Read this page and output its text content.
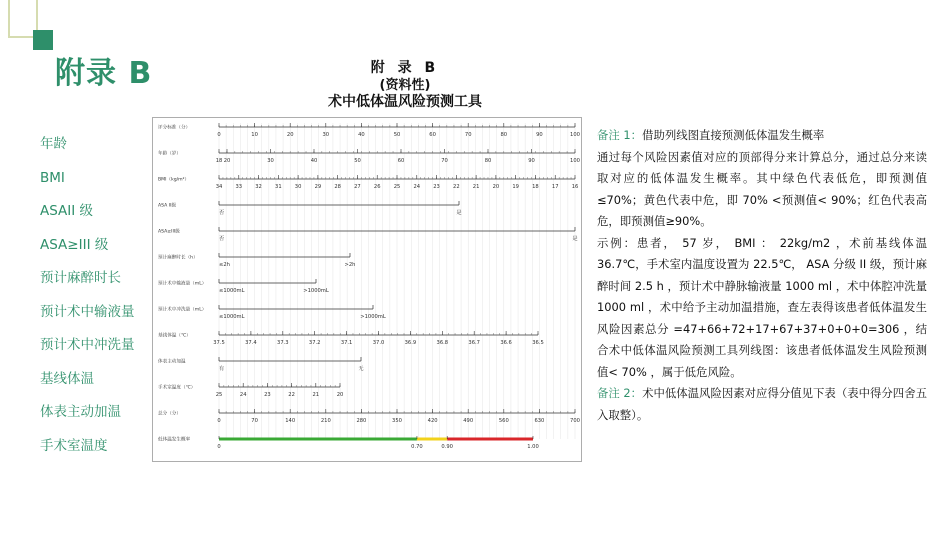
附录 B	附 录 B
(资料性)
术中低体温风险预测工具
年龄
BMI
ASAII 级
ASA≥III 级
预计麻醉时长
预计术中输液量
预计术中冲洗量
基线体温
体表主动加温
手术室温度
评分标准（分）
0	10	20	30	40	50	60	70	80	90	100
年龄（岁）
18 20	30	40	50	60	70	80	90	100
BMI（kg/m²）
34	33	32	31	30	29	28	27	26	25	24	23	22	21	20	19	18	17	16
ASA II级
否	是
ASA≥III级
否	是
预计麻醉时长（h）
≤2h	>2h
预计术中输液量（mL）
≤1000mL	>1000mL
预计术中冲洗量（mL）
≤1000mL	>1000mL
基线体温（℃）
37.5	37.4	37.3	37.2	37.1	37.0	36.9	36.8	36.7	36.6	36.5
体表主动加温
有	无
手术室温度（℃）
25	24	23	22	21	20
总分（分）
0	70	140	210	280	350	420	490	560	630	700
低体温发生概率
0	0.70	0.90	1.00

备注 1：借助列线图直接预测低体温发生概率

通过每个风险因素值对应的顶部得分来计算总分，通过总分来读取对应的低体温发生概率。其中绿色代表低危，即预测值≤70%；黄色代表中危，即 70% <预测值< 90%；红色代表高危，即预测值≥90%。

示例：患者， 57 岁， BMI ： 22kg/m2 ，术前基线体温 36.7℃，手术室内温度设置为 22.5℃， ASA 分级 II 级，预计麻醉时间 2.5 h ，预计术中静脉输液量 1000 ml ，术中体腔冲洗量 1000 ml ，术中给予主动加温措施，查左表得该患者低体温发生风险因素总分 =47+66+72+17+67+37+0+0+0=306 ，结合术中低体温风险预测工具列线图：该患者低体温发生风险预测值< 70% ，属于低危风险。

备注 2：术中低体温风险因素对应得分值见下表（表中得分四舍五入取整）。
